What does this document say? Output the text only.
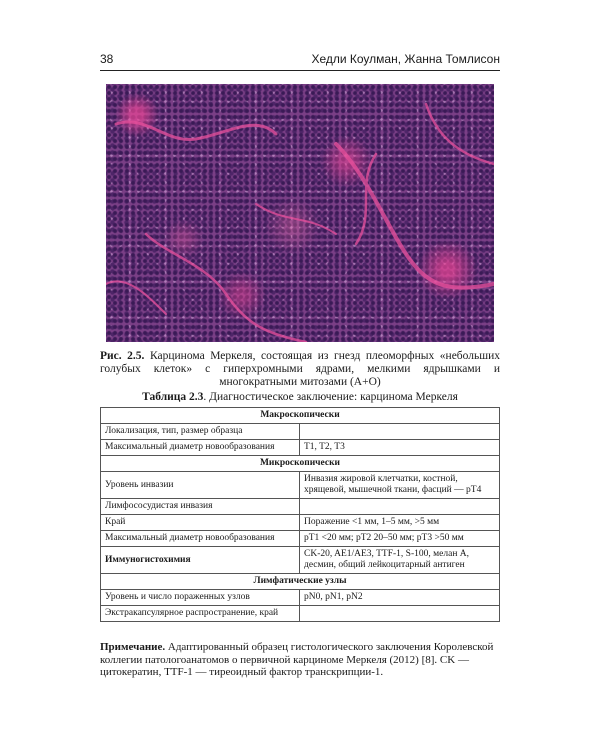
38	Хедли Коулман, Жанна Томлисон
Рис. 2.5. Карцинома Меркеля, состоящая из гнезд плеоморфных «небольших голубых клеток» с гиперхромными ядрами, мелкими ядрышками и многократными митозами (А+О)
Таблица 2.3. Диагностическое заключение: карцинома Меркеля
Макроскопически	
Локализация, тип, размер образца	
Максимальный диаметр новообразования	T1, T2, T3
Микроскопически	
Уровень инвазии	Инвазия жировой клетчатки, костной, хрящевой, мышечной ткани, фасций — pT4
Лимфососудистая инвазия	
Край	Поражение <1 мм, 1–5 мм, >5 мм
Максимальный диаметр новообразования	pT1 <20 мм; pT2 20–50 мм; pT3 >50 мм
Иммуногистохимия	CK-20, AE1/AE3, TTF-1, S-100, мелан A, десмин, общий лейкоцитарный антиген
Лимфатические узлы	
Уровень и число пораженных узлов	pN0, pN1, pN2
Экстракапсулярное распространение, край	
Примечание. Адаптированный образец гистологического заключения Королевской коллегии патологоанатомов о первичной карциноме Меркеля (2012) [8]. CK — цитокератин, TTF-1 — тиреоидный фактор транскрипции-1.
